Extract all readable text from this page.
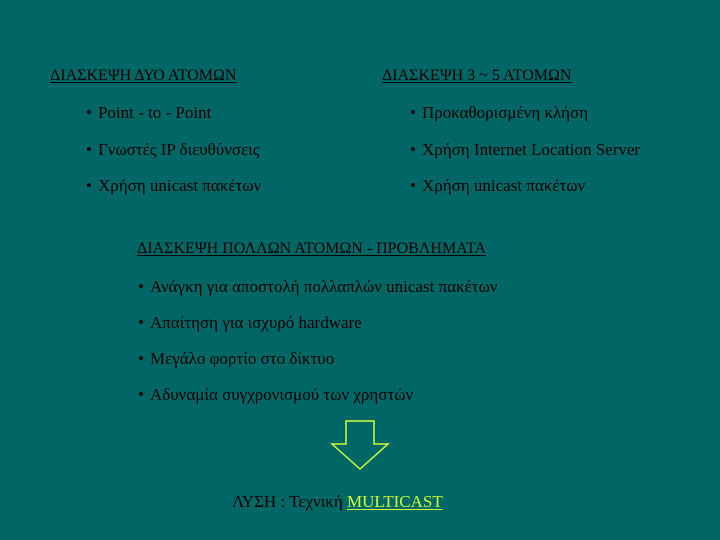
ΔΙΑΣΚΕΨΗ ΔΥΟ ΑΤΟΜΩΝ	ΔΙΑΣΚΕΨΗ 3 ~ 5 ΑΤΟΜΩΝ
• Point - to - Point
• Γνωστές IP διευθύνσεις
• Χρήση unicast πακέτων
• Προκαθορισμένη κλήση
• Χρήση Internet Location Server
• Χρήση unicast πακέτων
ΔΙΑΣΚΕΨΗ ΠΟΛΛΩΝ ΑΤΟΜΩΝ - ΠΡΟΒΛΗΜΑΤΑ
• Ανάγκη για αποστολή πολλαπλών unicast πακέτων
• Απαίτηση για ισχυρό hardware
• Μεγάλο φορτίο στο δίκτυο
• Αδυναμία συγχρονισμού των χρηστών
ΛΥΣΗ : Τεχνική MULTICAST
